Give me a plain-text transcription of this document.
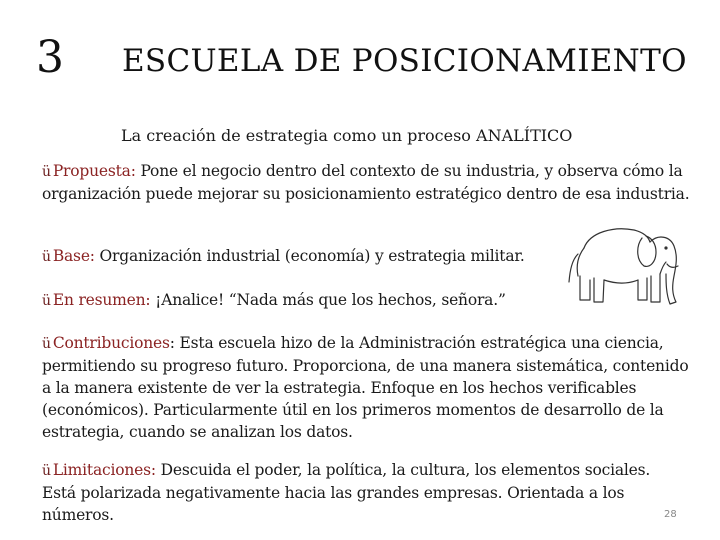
3 ESCUELA DE POSICIONAMIENTO
La creación de estrategia como un proceso ANALÍTICO
ü Propuesta: Pone el negocio dentro del contexto de su industria, y observa cómo la organización puede mejorar su posicionamiento estratégico dentro de esa industria.
ü Base: Organización industrial (economía) y estrategia militar.
ü En resumen: ¡Analice! “Nada más que los hechos, señora.”
ü Contribuciones: Esta escuela hizo de la Administración estratégica una ciencia, permitiendo su progreso futuro. Proporciona, de una manera sistemática, contenido a la manera existente de ver la estrategia. Enfoque en los hechos verificables (económicos). Particularmente útil en los primeros momentos de desarrollo de la estrategia, cuando se analizan los datos.
ü Limitaciones: Descuida el poder, la política, la cultura, los elementos sociales. Está polarizada negativamente hacia las grandes empresas. Orientada a los números.	28
